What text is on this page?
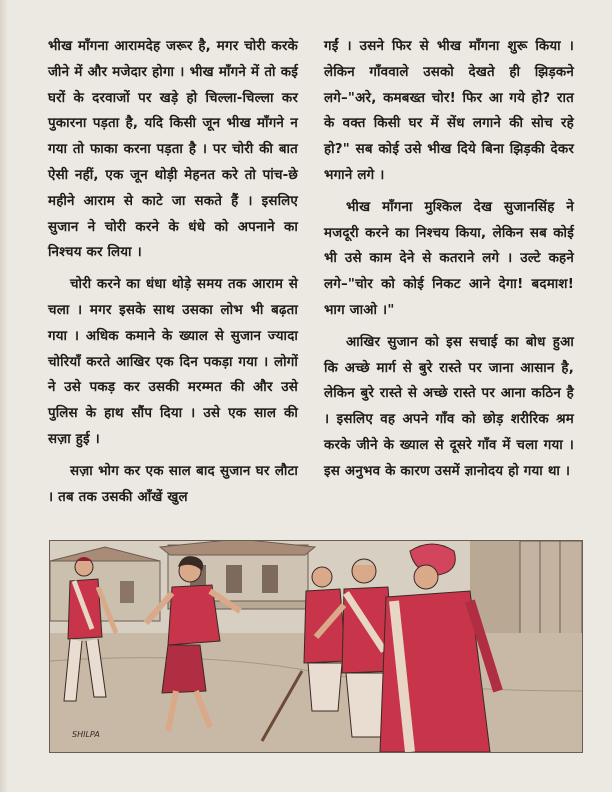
भीख माँगना आरामदेह जरूर है, मगर चोरी करके जीने में और मजेदार होगा । भीख माँगने में तो कई घरों के दरवाजों पर खड़े हो चिल्ला-चिल्ला कर पुकारना पड़ता है, यदि किसी जून भीख माँगने न गया तो फाका करना पड़ता है । पर चोरी की बात ऐसी नहीं, एक जून थोड़ी मेहनत करे तो पांच-छे महीने आराम से काटे जा सकते हैं । इसलिए सुजान ने चोरी करने के धंधे को अपनाने का निश्चय कर लिया ।

चोरी करने का धंधा थोड़े समय तक आराम से चला । मगर इसके साथ उसका लोभ भी बढ़ता गया । अधिक कमाने के ख्याल से सुजान ज्यादा चोरियाँ करते आखिर एक दिन पकड़ा गया । लोगों ने उसे पकड़ कर उसकी मरम्मत की और उसे पुलिस के हाथ सौंप दिया । उसे एक साल की सज़ा हुई ।

सज़ा भोग कर एक साल बाद सुजान घर लौटा । तब तक उसकी आँखें खुल

गईं । उसने फिर से भीख माँगना शुरू किया । लेकिन गाँववाले उसको देखते ही झिड़कने लगे–"अरे, कमबख्त चोर! फिर आ गये हो? रात के वक्त किसी घर में सेंध लगाने की सोच रहे हो?" सब कोई उसे भीख दिये बिना झिड़की देकर भगाने लगे ।

भीख माँगना मुश्किल देख सुजानसिंह ने मजदूरी करने का निश्चय किया, लेकिन सब कोई भी उसे काम देने से कतराने लगे । उल्टे कहने लगे–"चोर को कोई निकट आने देगा! बदमाश! भाग जाओ ।"

आखिर सुजान को इस सचाई का बोध हुआ कि अच्छे मार्ग से बुरे रास्ते पर जाना आसान है, लेकिन बुरे रास्ते से अच्छे रास्ते पर आना कठिन है । इसलिए वह अपने गाँव को छोड़ शरीरिक श्रम करके जीने के ख्याल से दूसरे गाँव में चला गया । इस अनुभव के कारण उसमें ज्ञानोदय हो गया था ।

SHILPA
